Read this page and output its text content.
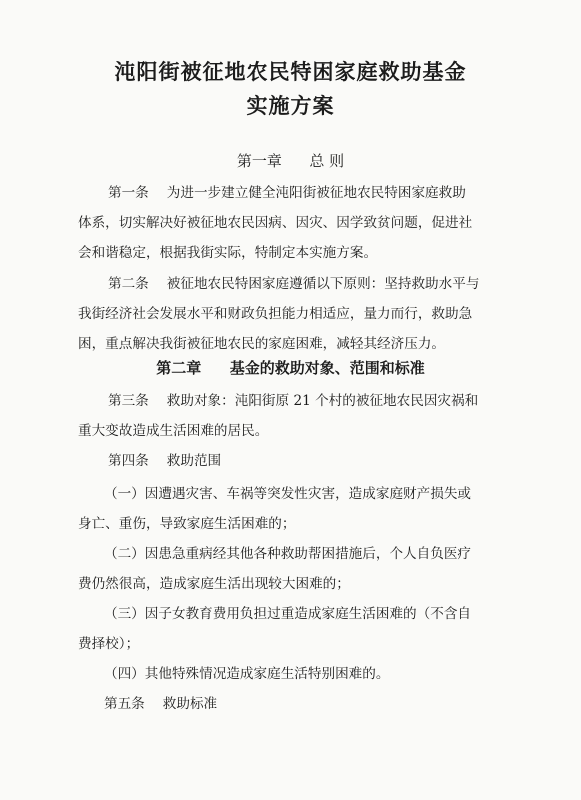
沌阳街被征地农民特困家庭救助基金
实施方案
第一章 总 则
第一条 为进一步建立健全沌阳街被征地农民特困家庭救助
体系，切实解决好被征地农民因病、因灾、因学致贫问题，促进社
会和谐稳定，根据我街实际，特制定本实施方案。
第二条 被征地农民特困家庭遵循以下原则：坚持救助水平与
我街经济社会发展水平和财政负担能力相适应，量力而行，救助急
困，重点解决我街被征地农民的家庭困难，减轻其经济压力。
第二章 基金的救助对象、范围和标准
第三条 救助对象：沌阳街原 21 个村的被征地农民因灾祸和
重大变故造成生活困难的居民。
第四条 救助范围
（一）因遭遇灾害、车祸等突发性灾害，造成家庭财产损失或
身亡、重伤，导致家庭生活困难的；
（二）因患急重病经其他各种救助帮困措施后，个人自负医疗
费仍然很高，造成家庭生活出现较大困难的；
（三）因子女教育费用负担过重造成家庭生活困难的（不含自
费择校）；
（四）其他特殊情况造成家庭生活特别困难的。
第五条 救助标准
